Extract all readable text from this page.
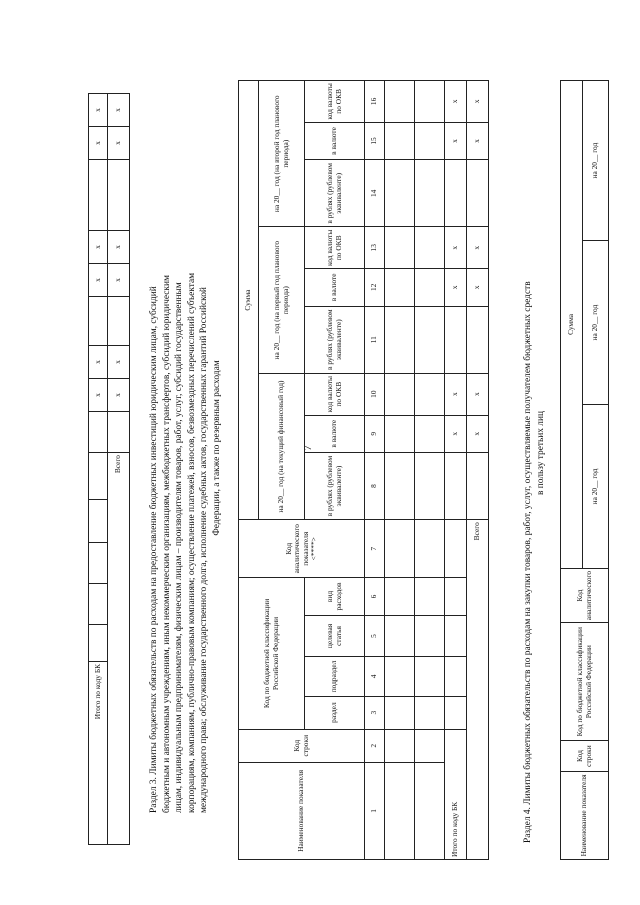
7
Итого по коду БК							x	x		x	x		x	x
Всего							x	x		x	x		x	x
Раздел 3. Лимиты бюджетных обязательств по расходам на предоставление бюджетных инвестиций юридическим лицам, субсидий бюджетным и автономным учреждениям, иным некоммерческим организациям, межбюджетных трансфертов, субсидий юридическим лицам, индивидуальным предпринимателям, физическим лицам – производителям товаров, работ, услуг, субсидий государственным корпорациям, компаниям, публично-правовым компаниям; осуществление платежей, взносов, безвозмездных перечислений субъектам международного права; обслуживание государственного долга, исполнение судебных актов, государственных гарантий Российской Федерации, а также по резервным расходам
Наименование показателя	Код строки	Код по бюджетной классификации Российской Федерации				Код аналитического показателя <****>	Сумма								
							на 20__ год (на текущий финансовый год)			на 20__ год (на первый год планового периода)			на 20__ год (на второй год планового периода)		
		раздел	подраздел	целевая статья	вид расходов		в рублях (рублевом эквиваленте)	в валюте	код валюты по ОКВ	в рублях (рублевом эквиваленте)	в валюте	код валюты по ОКВ	в рублях (рублевом эквиваленте)	в валюте	код валюты по ОКВ

1	2	3	4	5	6	7	8	9	10	11	12	13	14	15	16

Итого по коду БК								x	x		x	x		x	x
Всего								x	x		x	x		x	x
Раздел 4. Лимиты бюджетных обязательств по расходам на закупки товаров, работ, услуг, осуществляемые получателем бюджетных средств в пользу третьих лиц
Наименование показателя	Код строки	Код по бюджетной классификации Российской Федерации	Код аналитического	Сумма		
				на 20__ год	на 20__ год	на 20__ год
